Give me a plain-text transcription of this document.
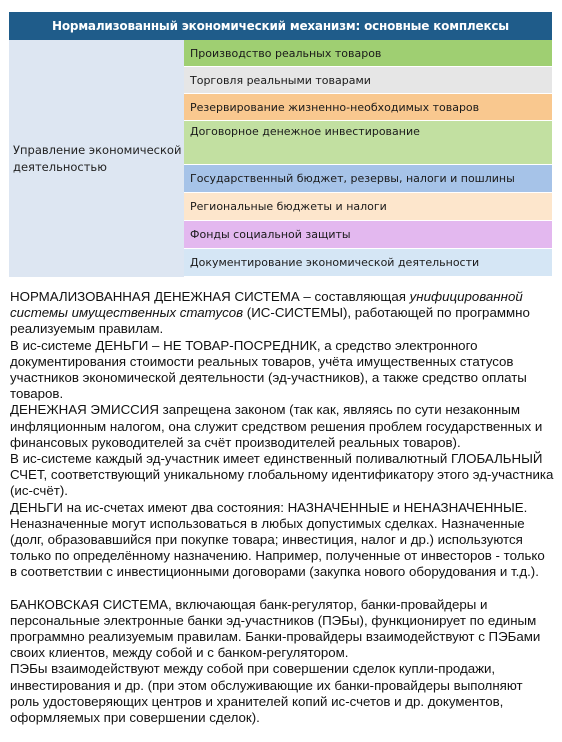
Нормализованный экономический механизм: основные комплексы
Управление экономической деятельностью
Производство реальных товаров
Торговля реальными товарами
Резервирование жизненно-необходимых товаров
Договорное денежное инвестирование
Государственный бюджет, резервы, налоги и пошлины
Региональные бюджеты и налоги
Фонды социальной защиты
Документирование экономической деятельности

НОРМАЛИЗОВАННАЯ ДЕНЕЖНАЯ СИСТЕМА – составляющая унифицированной системы имущественных статусов (ИС-СИСТЕМЫ), работающей по программно реализуемым правилам.

В ис-системе ДЕНЬГИ – НЕ ТОВАР-ПОСРЕДНИК, а средство электронного документирования стоимости реальных товаров, учёта имущественных статусов участников экономической деятельности (эд-участников), а также средство оплаты товаров.

ДЕНЕЖНАЯ ЭМИССИЯ запрещена законом (так как, являясь по сути незаконным инфляционным налогом, она служит средством решения проблем государственных и финансовых руководителей за счёт производителей реальных товаров).

В ис-системе каждый эд-участник имеет единственный поливалютный ГЛОБАЛЬНЫЙ СЧЕТ, соответствующий уникальному глобальному идентификатору этого эд-участника (ис-счёт).

ДЕНЬГИ на ис-счетах имеют два состояния: НАЗНАЧЕННЫЕ и НЕНАЗНАЧЕННЫЕ. Неназначенные могут использоваться в любых допустимых сделках. Назначенные (долг, образовавшийся при покупке товара; инвестиция, налог и др.) используются только по определённому назначению. Например, полученные от инвесторов - только в соответствии с инвестиционными договорами (закупка нового оборудования и т.д.).

БАНКОВСКАЯ СИСТЕМА, включающая банк-регулятор, банки-провайдеры и персональные электронные банки эд-участников (ПЭБы), функционирует по единым программно реализуемым правилам. Банки-провайдеры взаимодействуют с ПЭБами своих клиентов, между собой и с банком-регулятором.

ПЭБы взаимодействуют между собой при совершении сделок купли-продажи, инвестирования и др. (при этом обслуживающие их банки-провайдеры выполняют роль удостоверяющих центров и хранителей копий ис-счетов и др. документов, оформляемых при совершении сделок).
